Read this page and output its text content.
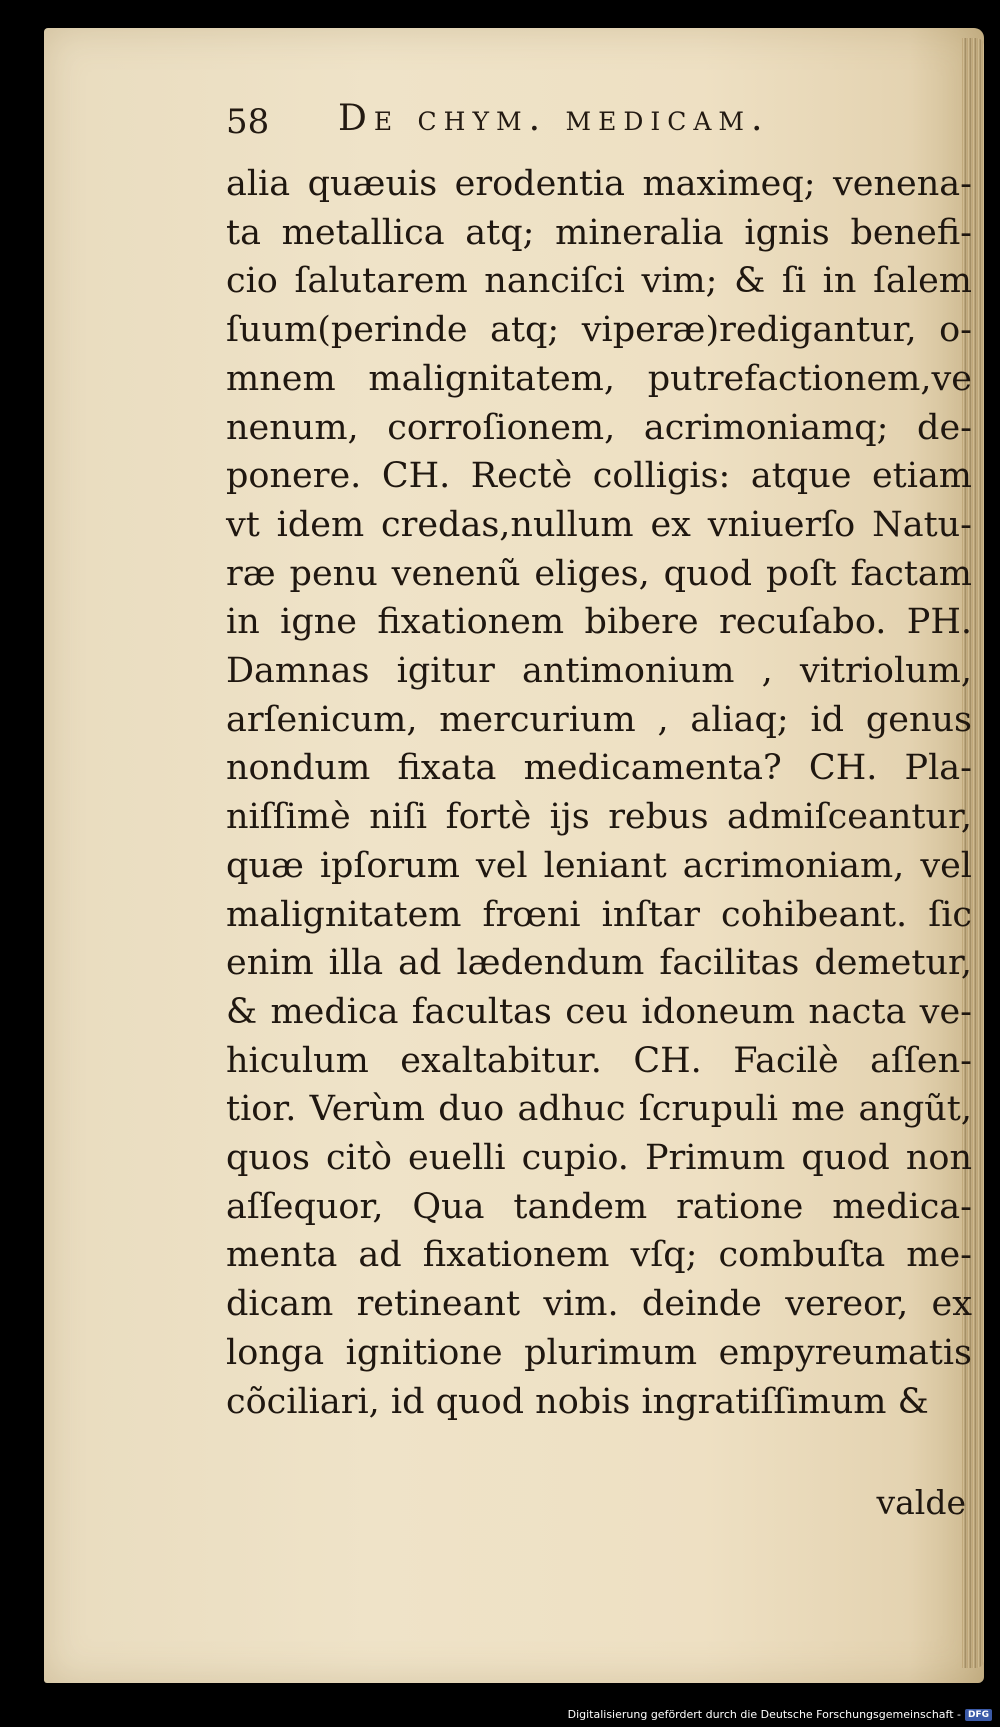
58 De chym. medicam.
alia quæuis erodentia maximeq; venena-
ta metallica atq; mineralia ignis benefi-
cio ſalutarem nanciſci vim; & ſi in ſalem
ſuum(perinde atq; viperæ)redigantur, o-
mnem malignitatem, putrefactionem,ve
nenum, corroſionem, acrimoniamq; de-
ponere. CH. Rectè colligis: atque etiam
vt idem credas,nullum ex vniuerſo Natu-
ræ penu venenũ eliges, quod poſt factam
in igne fixationem bibere recuſabo. PH.
Damnas igitur antimonium , vitriolum,
arſenicum, mercurium , aliaq; id genus
nondum fixata medicamenta? CH. Pla-
niſſimè niſi fortè ijs rebus admiſceantur,
quæ ipſorum vel leniant acrimoniam, vel
malignitatem frœni inſtar cohibeant. ſic
enim illa ad lædendum facilitas demetur,
& medica facultas ceu idoneum nacta ve-
hiculum exaltabitur. CH. Facilè aſſen-
tior. Verùm duo adhuc ſcrupuli me angũt,
quos citò euelli cupio. Primum quod non
aſſequor, Qua tandem ratione medica-
menta ad fixationem vſq; combuſta me-
dicam retineant vim. deinde vereor, ex
longa ignitione plurimum empyreumatis
cõciliari, id quod nobis ingratiſſimum &
valde
Digitalisierung gefördert durch die Deutsche Forschungsgemeinschaft - DFG
